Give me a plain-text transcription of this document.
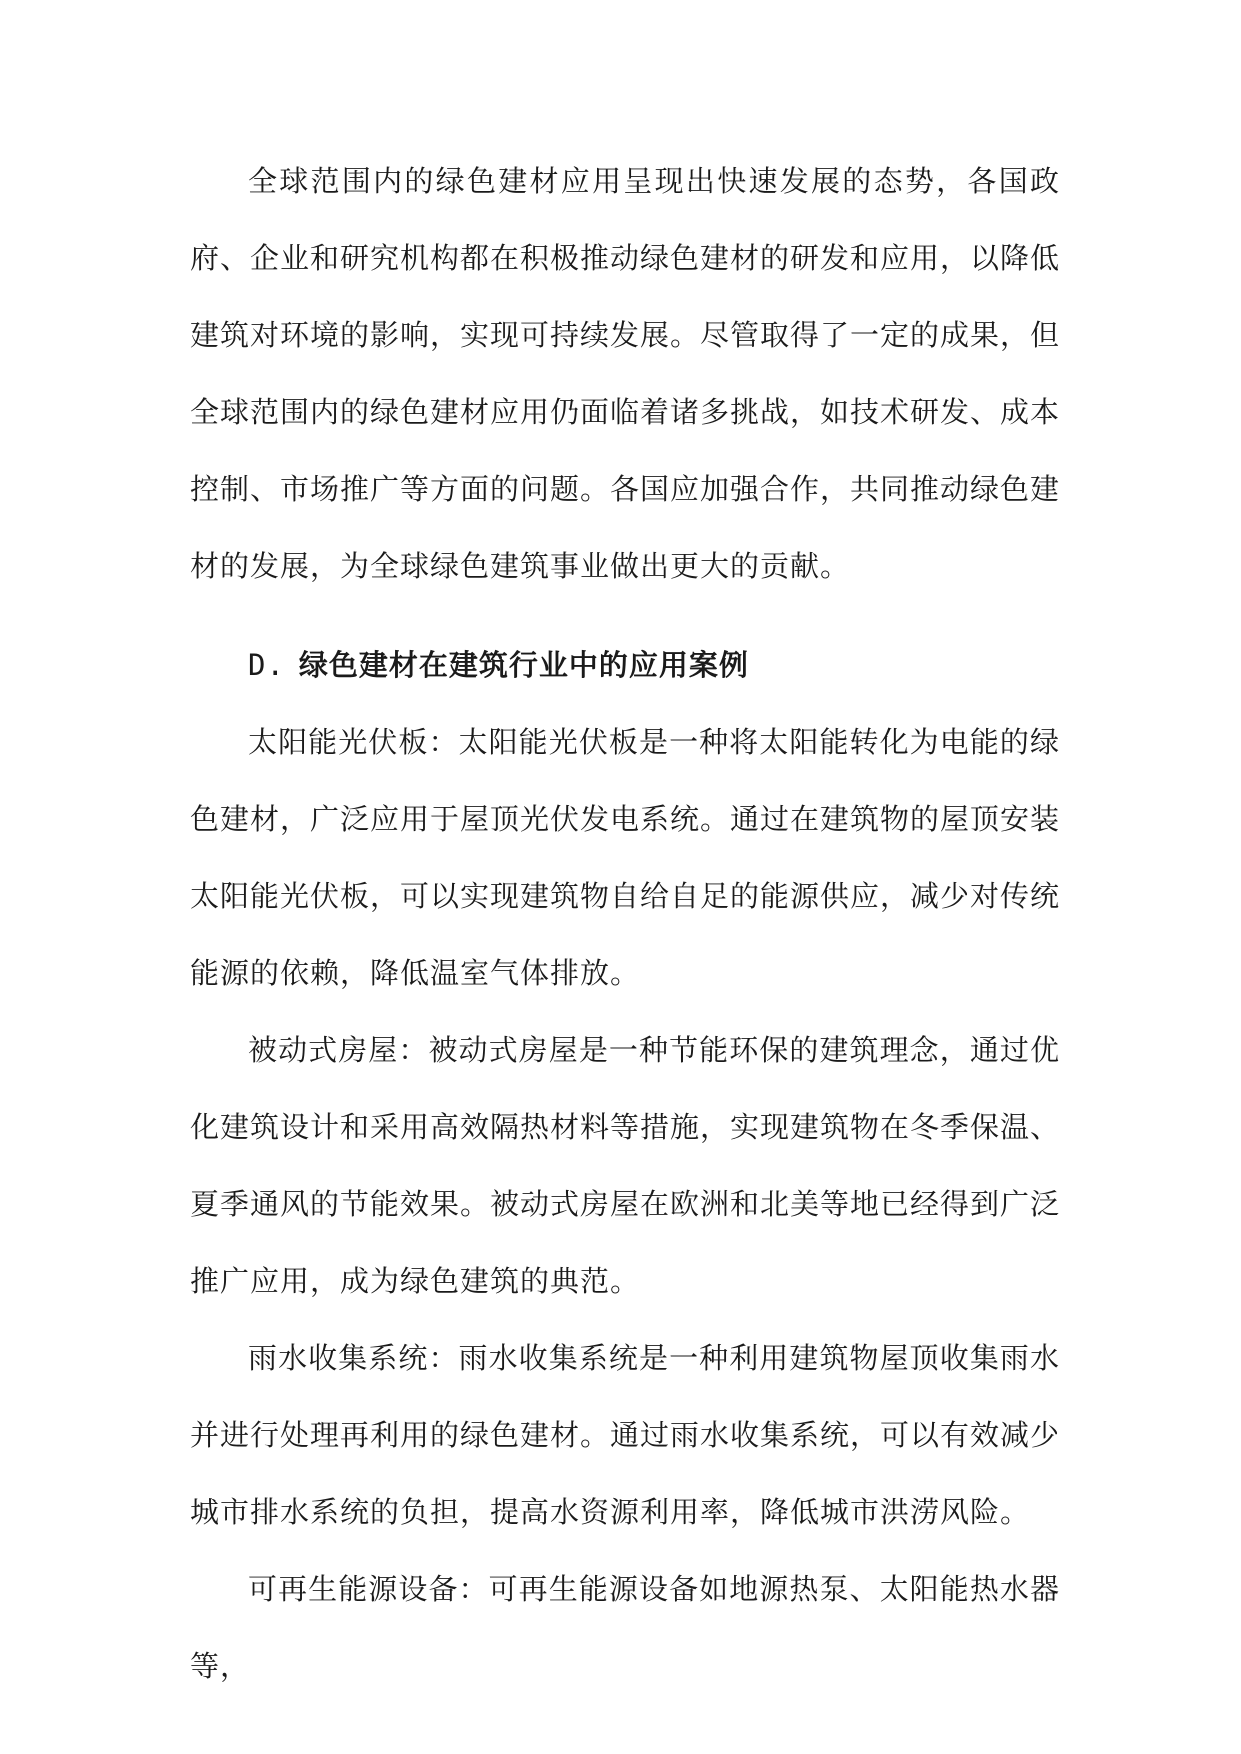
全球范围内的绿色建材应用呈现出快速发展的态势，各国政府、企业和研究机构都在积极推动绿色建材的研发和应用，以降低建筑对环境的影响，实现可持续发展。尽管取得了一定的成果，但全球范围内的绿色建材应用仍面临着诸多挑战，如技术研发、成本控制、市场推广等方面的问题。各国应加强合作，共同推动绿色建材的发展，为全球绿色建筑事业做出更大的贡献。

D. 绿色建材在建筑行业中的应用案例

太阳能光伏板：太阳能光伏板是一种将太阳能转化为电能的绿色建材，广泛应用于屋顶光伏发电系统。通过在建筑物的屋顶安装太阳能光伏板，可以实现建筑物自给自足的能源供应，减少对传统能源的依赖，降低温室气体排放。

被动式房屋：被动式房屋是一种节能环保的建筑理念，通过优化建筑设计和采用高效隔热材料等措施，实现建筑物在冬季保温、夏季通风的节能效果。被动式房屋在欧洲和北美等地已经得到广泛推广应用，成为绿色建筑的典范。

雨水收集系统：雨水收集系统是一种利用建筑物屋顶收集雨水并进行处理再利用的绿色建材。通过雨水收集系统，可以有效减少城市排水系统的负担，提高水资源利用率，降低城市洪涝风险。

可再生能源设备：可再生能源设备如地源热泵、太阳能热水器等，
